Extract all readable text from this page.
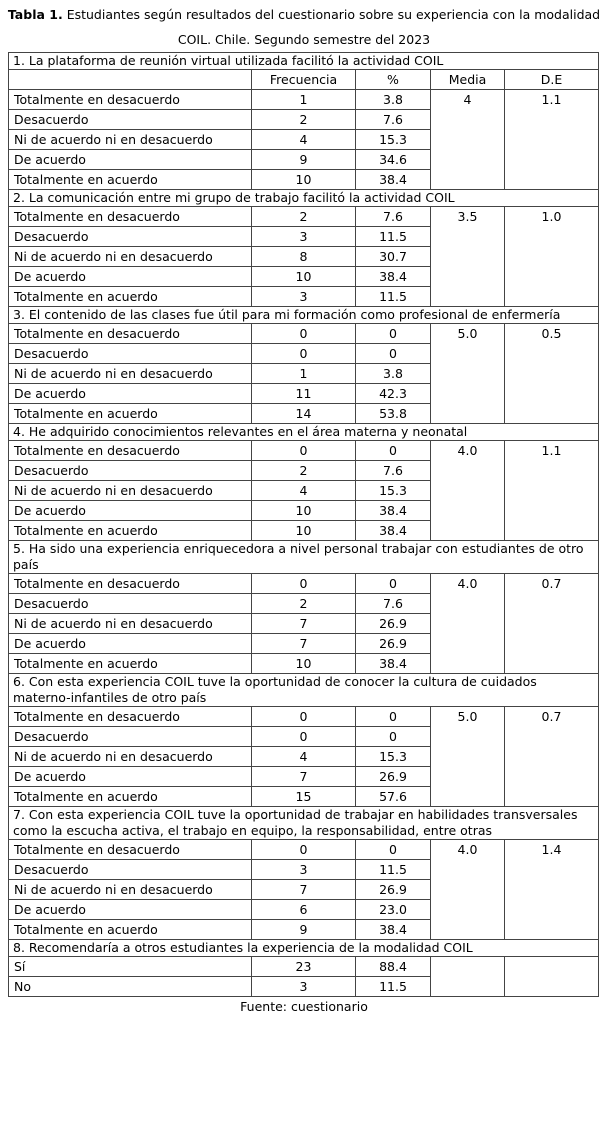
Tabla 1. Estudiantes según resultados del cuestionario sobre su experiencia con la modalidad COIL. Chile. Segundo semestre del 2023
1. La plataforma de reunión virtual utilizada facilitó la actividad COIL				
	Frecuencia	%	Media	D.E
Totalmente en desacuerdo	1	3.8	4	1.1
Desacuerdo	2	7.6		
Ni de acuerdo ni en desacuerdo	4	15.3		
De acuerdo	9	34.6		
Totalmente en acuerdo	10	38.4		
2. La comunicación entre mi grupo de trabajo facilitó la actividad COIL				
Totalmente en desacuerdo	2	7.6	3.5	1.0
Desacuerdo	3	11.5		
Ni de acuerdo ni en desacuerdo	8	30.7		
De acuerdo	10	38.4		
Totalmente en acuerdo	3	11.5		
3. El contenido de las clases fue útil para mi formación como profesional de enfermería				
Totalmente en desacuerdo	0	0	5.0	0.5
Desacuerdo	0	0		
Ni de acuerdo ni en desacuerdo	1	3.8		
De acuerdo	11	42.3		
Totalmente en acuerdo	14	53.8		
4. He adquirido conocimientos relevantes en el área materna y neonatal				
Totalmente en desacuerdo	0	0	4.0	1.1
Desacuerdo	2	7.6		
Ni de acuerdo ni en desacuerdo	4	15.3		
De acuerdo	10	38.4		
Totalmente en acuerdo	10	38.4		
5. Ha sido una experiencia enriquecedora a nivel personal trabajar con estudiantes de otro país				
Totalmente en desacuerdo	0	0	4.0	0.7
Desacuerdo	2	7.6		
Ni de acuerdo ni en desacuerdo	7	26.9		
De acuerdo	7	26.9		
Totalmente en acuerdo	10	38.4		
6. Con esta experiencia COIL tuve la oportunidad de conocer la cultura de cuidados materno-infantiles de otro país				
Totalmente en desacuerdo	0	0	5.0	0.7
Desacuerdo	0	0		
Ni de acuerdo ni en desacuerdo	4	15.3		
De acuerdo	7	26.9		
Totalmente en acuerdo	15	57.6		
7. Con esta experiencia COIL tuve la oportunidad de trabajar en habilidades transversales como la escucha activa, el trabajo en equipo, la responsabilidad, entre otras				
Totalmente en desacuerdo	0	0	4.0	1.4
Desacuerdo	3	11.5		
Ni de acuerdo ni en desacuerdo	7	26.9		
De acuerdo	6	23.0		
Totalmente en acuerdo	9	38.4		
8. Recomendaría a otros estudiantes la experiencia de la modalidad COIL				
Sí	23	88.4		
No	3	11.5		
Fuente: cuestionario
